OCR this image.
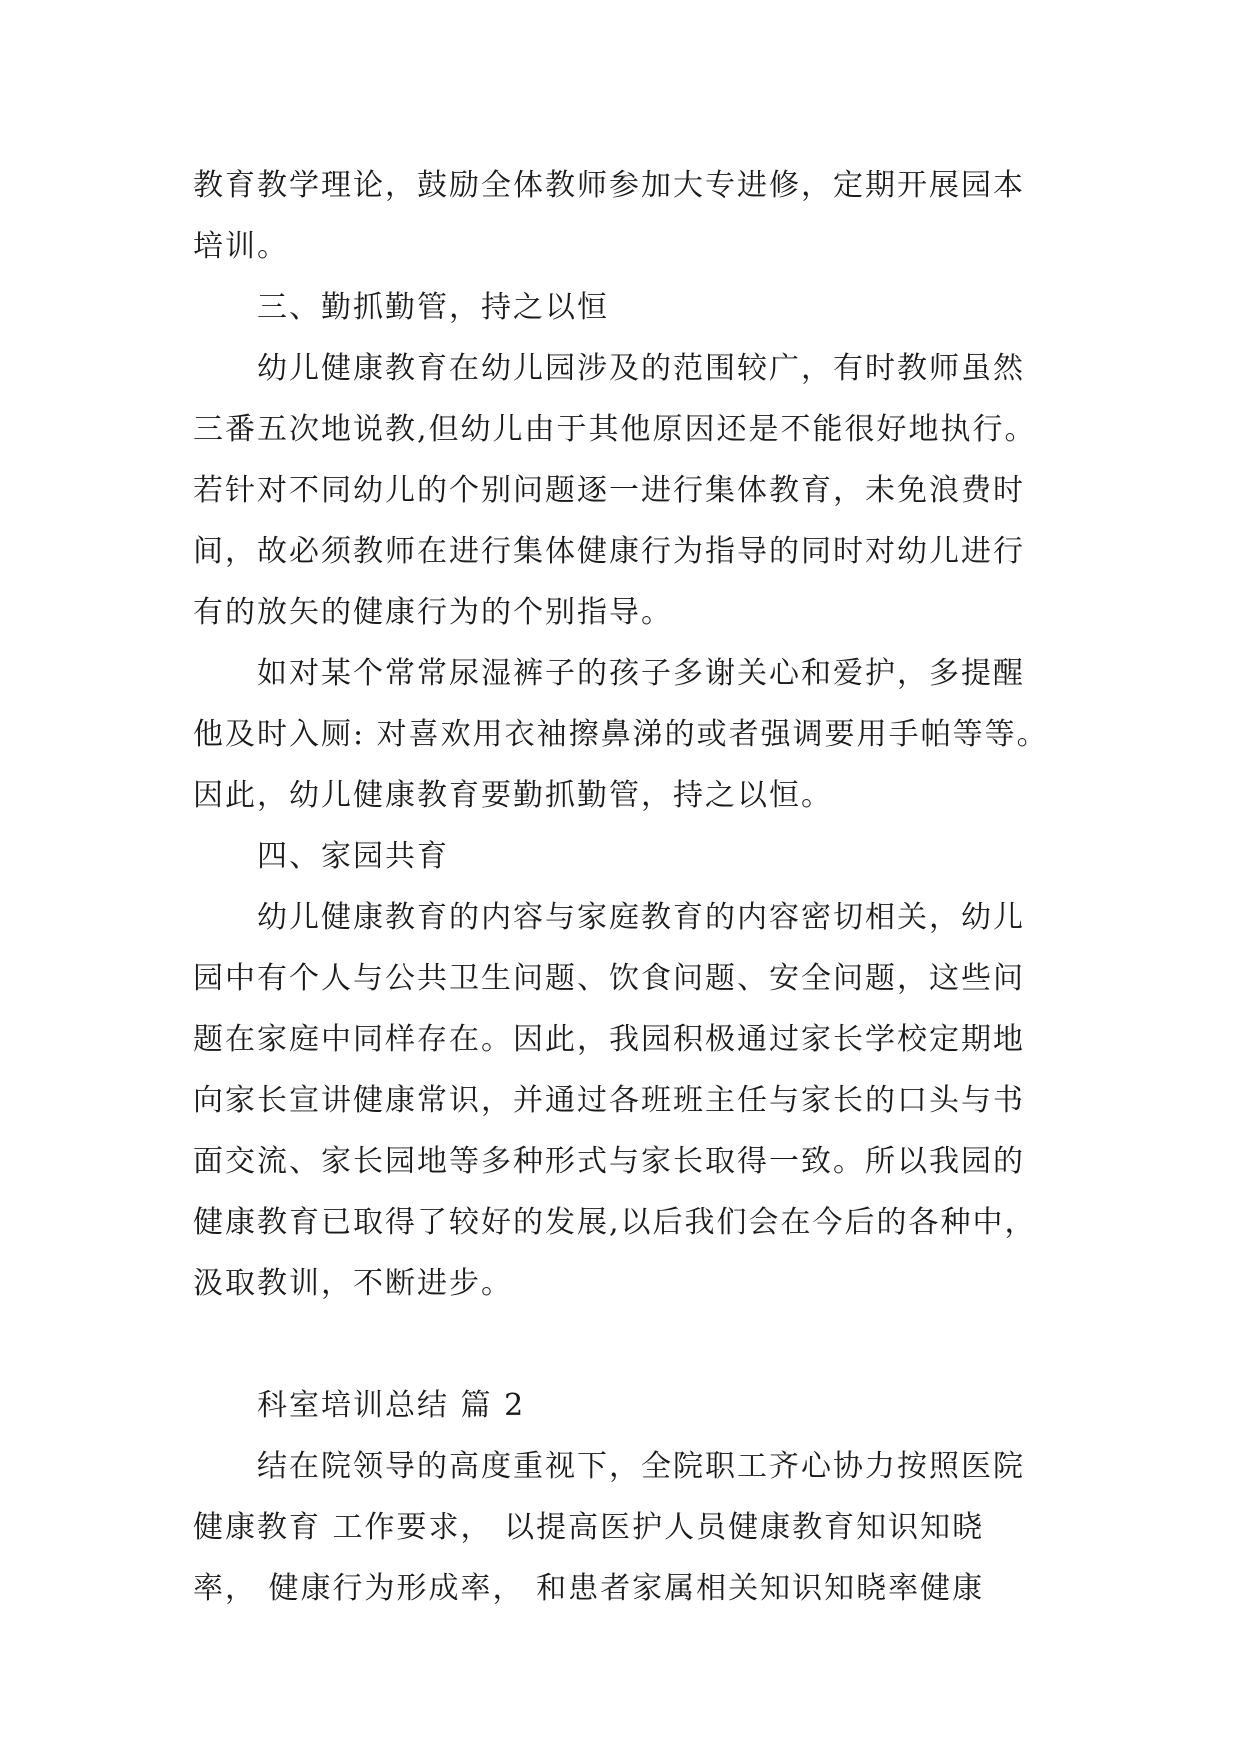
教育教学理论，鼓励全体教师参加大专进修，定期开展园本
培训。
三、勤抓勤管，持之以恒
幼儿健康教育在幼儿园涉及的范围较广，有时教师虽然
三番五次地说教,但幼儿由于其他原因还是不能很好地执行。
若针对不同幼儿的个别问题逐一进行集体教育，未免浪费时
间，故必须教师在进行集体健康行为指导的同时对幼儿进行
有的放矢的健康行为的个别指导。
如对某个常常尿湿裤子的孩子多谢关心和爱护，多提醒
他及时入厕: 对喜欢用衣袖擦鼻涕的或者强调要用手帕等等。
因此，幼儿健康教育要勤抓勤管，持之以恒。
四、家园共育
幼儿健康教育的内容与家庭教育的内容密切相关，幼儿
园中有个人与公共卫生问题、饮食问题、安全问题，这些问
题在家庭中同样存在。因此，我园积极通过家长学校定期地
向家长宣讲健康常识，并通过各班班主任与家长的口头与书
面交流、家长园地等多种形式与家长取得一致。所以我园的
健康教育已取得了较好的发展,以后我们会在今后的各种中，
汲取教训，不断进步。
科室培训总结 篇 2
结在院领导的高度重视下，全院职工齐心协力按照医院
健康教育 工作要求， 以提高医护人员健康教育知识知晓
率， 健康行为形成率， 和患者家属相关知识知晓率健康
